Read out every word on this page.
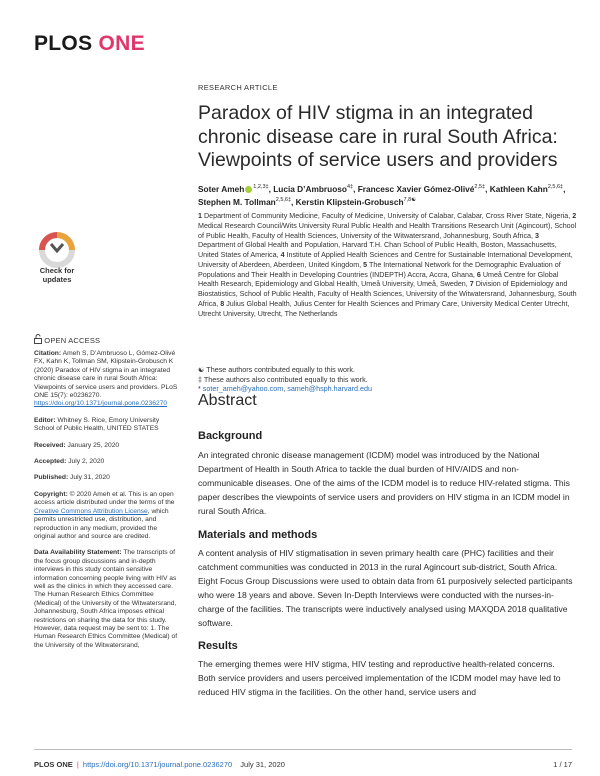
PLOS ONE
RESEARCH ARTICLE
Paradox of HIV stigma in an integrated chronic disease care in rural South Africa: Viewpoints of service users and providers
Soter Ameh $^{1,2,3\ddagger}$, Lucia D’Ambruoso$^{4\ddagger}$, Francesc Xavier Gómez-Olivé$^{2,5\ddagger}$, Kathleen Kahn$^{2,5,6\ddagger}$, Stephen M. Tollman$^{2,5,6\ddagger}$, Kerstin Klipstein-Grobusch$^{7,8☯}$
1 Department of Community Medicine, Faculty of Medicine, University of Calabar, Calabar, Cross River State, Nigeria, 2 Medical Research Council/Wits University Rural Public Health and Health Transitions Research Unit (Agincourt), School of Public Health, Faculty of Health Sciences, University of the Witwatersrand, Johannesburg, South Africa, 3 Department of Global Health and Population, Harvard T.H. Chan School of Public Health, Boston, Massachusetts, United States of America, 4 Institute of Applied Health Sciences and Centre for Sustainable International Development, University of Aberdeen, Aberdeen, United Kingdom, 5 The International Network for the Demographic Evaluation of Populations and Their Health in Developing Countries (INDEPTH) Accra, Accra, Ghana, 6 Umeå Centre for Global Health Research, Epidemiology and Global Health, Umeå University, Umeå, Sweden, 7 Division of Epidemiology and Biostatistics, School of Public Health, Faculty of Health Sciences, University of the Witwatersrand, Johannesburg, South Africa, 8 Julius Global Health, Julius Center for Health Sciences and Primary Care, University Medical Center Utrecht, Utrecht University, Utrecht, The Netherlands
☯ These authors contributed equally to this work.
‡ These authors also contributed equally to this work.
* soter_ameh@yahoo.com, sameh@hsph.harvard.edu
Abstract
Background
An integrated chronic disease management (ICDM) model was introduced by the National Department of Health in South Africa to tackle the dual burden of HIV/AIDS and non-communicable diseases. One of the aims of the ICDM model is to reduce HIV-related stigma. This paper describes the viewpoints of service users and providers on HIV stigma in an ICDM model in rural South Africa.
Materials and methods
A content analysis of HIV stigmatisation in seven primary health care (PHC) facilities and their catchment communities was conducted in 2013 in the rural Agincourt sub-district, South Africa. Eight Focus Group Discussions were used to obtain data from 61 purposively selected participants who were 18 years and above. Seven In-Depth Interviews were conducted with the nurses-in-charge of the facilities. The transcripts were inductively analysed using MAXQDA 2018 qualitative software.
Results
The emerging themes were HIV stigma, HIV testing and reproductive health-related concerns. Both service providers and users perceived implementation of the ICDM model may have led to reduced HIV stigma in the facilities. On the other hand, service users and
Check for
updates
OPEN ACCESS
Citation: Ameh S, D’Ambruoso L, Gómez-Olivé FX, Kahn K, Tollman SM, Klipstein-Grobusch K (2020) Paradox of HIV stigma in an integrated chronic disease care in rural South Africa: Viewpoints of service users and providers. PLoS ONE 15(7): e0236270. https://doi.org/10.1371/journal.pone.0236270
Editor: Whitney S. Rice, Emory University School of Public Health, UNITED STATES
Received: January 25, 2020
Accepted: July 2, 2020
Published: July 31, 2020
Copyright: © 2020 Ameh et al. This is an open access article distributed under the terms of the Creative Commons Attribution License, which permits unrestricted use, distribution, and reproduction in any medium, provided the original author and source are credited.
Data Availability Statement: The transcripts of the focus group discussions and in-depth interviews in this study contain sensitive information concerning people living with HIV as well as the clinics in which they accessed care. The Human Research Ethics Committee (Medical) of the University of the Witwatersrand, Johannesburg, South Africa imposes ethical restrictions on sharing the data for this study. However, data request may be sent to: 1. The Human Research Ethics Committee (Medical) of the University of the Witwatersrand,
PLOS ONE | https://doi.org/10.1371/journal.pone.0236270 July 31, 2020	1 / 17
